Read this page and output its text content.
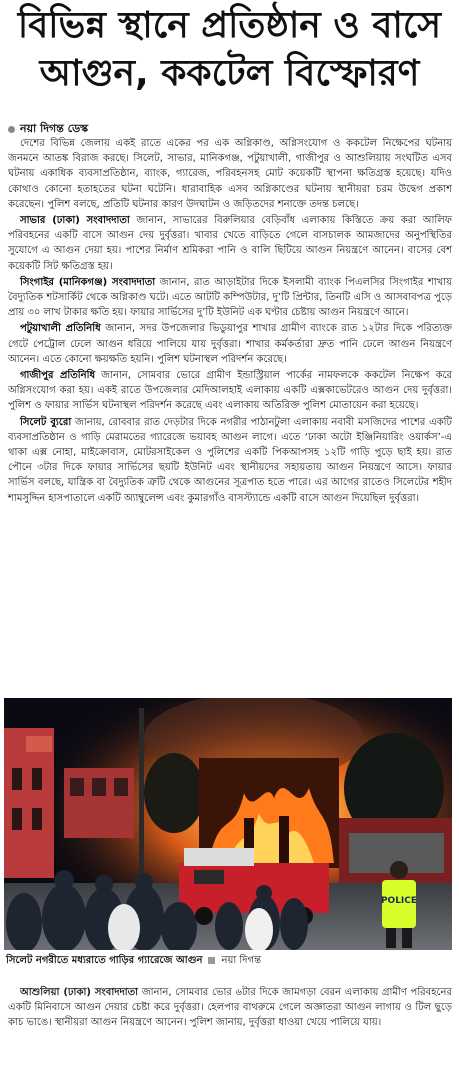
বিভিন্ন স্থানে প্রতিষ্ঠান ও বাসে
আগুন, ককটেল বিস্ফোরণ
নয়া দিগন্ত ডেস্ক

দেশের বিভিন্ন জেলায় একই রাতে একের পর এক অগ্নিকাণ্ড, অগ্নিসংযোগ ও ককটেল নিক্ষেপের ঘটনায় জনমনে আতঙ্ক বিরাজ করছে। সিলেট, সাভার, মানিকগঞ্জ, পটুয়াখালী, গাজীপুর ও আশুলিয়ায় সংঘটিত এসব ঘটনায় একাধিক ব্যবসাপ্রতিষ্ঠান, ব্যাংক, গ্যারেজ, পরিবহনসহ মোট কয়েকটি স্থাপনা ক্ষতিগ্রস্ত হয়েছে। যদিও কোথাও কোনো হতাহতের ঘটনা ঘটেনি। ধারাবাহিক এসব অগ্নিকাণ্ডের ঘটনায় স্থানীয়রা চরম উদ্বেগ প্রকাশ করেছেন। পুলিশ বলছে, প্রতিটি ঘটনার কারণ উদঘাটন ও জড়িতদের শনাক্তে তদন্ত চলছে।

সাভার (ঢাকা) সংবাদদাতা জানান, সাভারের বিরুলিয়ার বেড়িবাঁধ এলাকায় কিস্তিতে ক্রয় করা আলিফ পরিবহনের একটি বাসে আগুন দেয় দুর্বৃত্তরা। খাবার খেতে বাড়িতে গেলে বাসচালক আমজাদের অনুপস্থিতির সুযোগে এ আগুন দেয়া হয়। পাশের নির্মাণ শ্রমিকরা পানি ও বালি ছিটিয়ে আগুন নিয়ন্ত্রণে আনেন। বাসের বেশ কয়েকটি সিট ক্ষতিগ্রস্ত হয়।

সিংগাইর (মানিকগঞ্জ) সংবাদদাতা জানান, রাত আড়াইটার দিকে ইসলামী ব্যাংক পিএলসির সিংগাইর শাখায় বৈদ্যুতিক শটসার্কিট থেকে অগ্নিকাণ্ড ঘটে। এতে আটটি কম্পিউটার, দু’টি প্রিন্টার, তিনটি এসি ও আসবাবপত্র পুড়ে প্রায় ৩০ লাখ টাকার ক্ষতি হয়। ফায়ার সার্ভিসের দু’টি ইউনিট এক ঘণ্টার চেষ্টায় আগুন নিয়ন্ত্রণে আনে।

পটুয়াখালী প্রতিনিধি জানান, সদর উপজেলার ভিডুয়াপুর শাখার গ্রামীণ ব্যাংকে রাত ১২টার দিকে পরিত্যক্ত গেটে পেট্রোল ঢেলে আগুন ধরিয়ে পালিয়ে যায় দুর্বৃত্তরা। শাখার কর্মকর্তারা দ্রুত পানি ঢেলে আগুন নিয়ন্ত্রণে আনেন। এতে কোনো ক্ষয়ক্ষতি হয়নি। পুলিশ ঘটনাস্থল পরিদর্শন করেছে।

গাজীপুর প্রতিনিধি জানান, সোমবার ভোরে গ্রামীণ ইন্ডাস্ট্রিয়াল পার্কের নামফলকে ককটেল নিক্ষেপ করে অগ্নিসংযোগ করা হয়। একই রাতে উপজেলার মেদিআলহাই এলাকায় একটি এক্সকাভেটরেও আগুন দেয় দুর্বৃত্তরা। পুলিশ ও ফায়ার সার্ভিস ঘটনাস্থল পরিদর্শন করেছে এবং এলাকায় অতিরিক্ত পুলিশ মোতায়েন করা হয়েছে।

সিলেট ব্যুরো জানায়, রোববার রাত দেড়টার দিকে নগরীর পাঠানটুলা এলাকায় নবাবী মসজিদের পাশের একটি ব্যবসাপ্রতিষ্ঠান ও গাড়ি মেরামতের গ্যারেজে ভয়াবহ আগুন লাগে। এতে ‘ঢাকা অটো ইঞ্জিনিয়ারিং ওয়ার্কস’-এ থাকা এক্স নোহা, মাইক্রোবাস, মোটরসাইকেল ও পুলিশের একটি পিকআপসহ ১২টি গাড়ি পুড়ে ছাই হয়। রাত পৌনে ৩টার দিকে ফায়ার সার্ভিসের ছয়টি ইউনিট এবং স্থানীয়দের সহায়তায় আগুন নিয়ন্ত্রণে আসে। ফায়ার সার্ভিস বলছে, যান্ত্রিক বা বৈদ্যুতিক ত্রুটি থেকে আগুনের সূত্রপাত হতে পারে। এর আগের রাতেও সিলেটের শহীদ শামসুদ্দিন হাসপাতালে একটি অ্যাম্বুলেন্স এবং কুমারগাঁও বাসস্ট্যান্ডে একটি বাসে আগুন দিয়েছিল দুর্বৃত্তরা।

POLICE
সিলেট নগরীতে মধ্যরাতে গাড়ির গ্যারেজে আগুন নয়া দিগন্ত

আশুলিয়া (ঢাকা) সংবাদদাতা জানান, সোমবার ভোর ৬টার দিকে জামগড়া বেরন এলাকায় গ্রামীণ পরিবহনের একটি মিনিবাসে আগুন দেয়ার চেষ্টা করে দুর্বৃত্তরা। হেলপার বাথরুমে গেলে অজ্ঞাতরা আগুন লাগায় ও টিল ছুড়ে কাচ ভাঙে। স্থানীয়রা আগুন নিয়ন্ত্রণে আনেন। পুলিশ জানায়, দুর্বৃত্তরা ধাওয়া খেয়ে পালিয়ে যায়।
